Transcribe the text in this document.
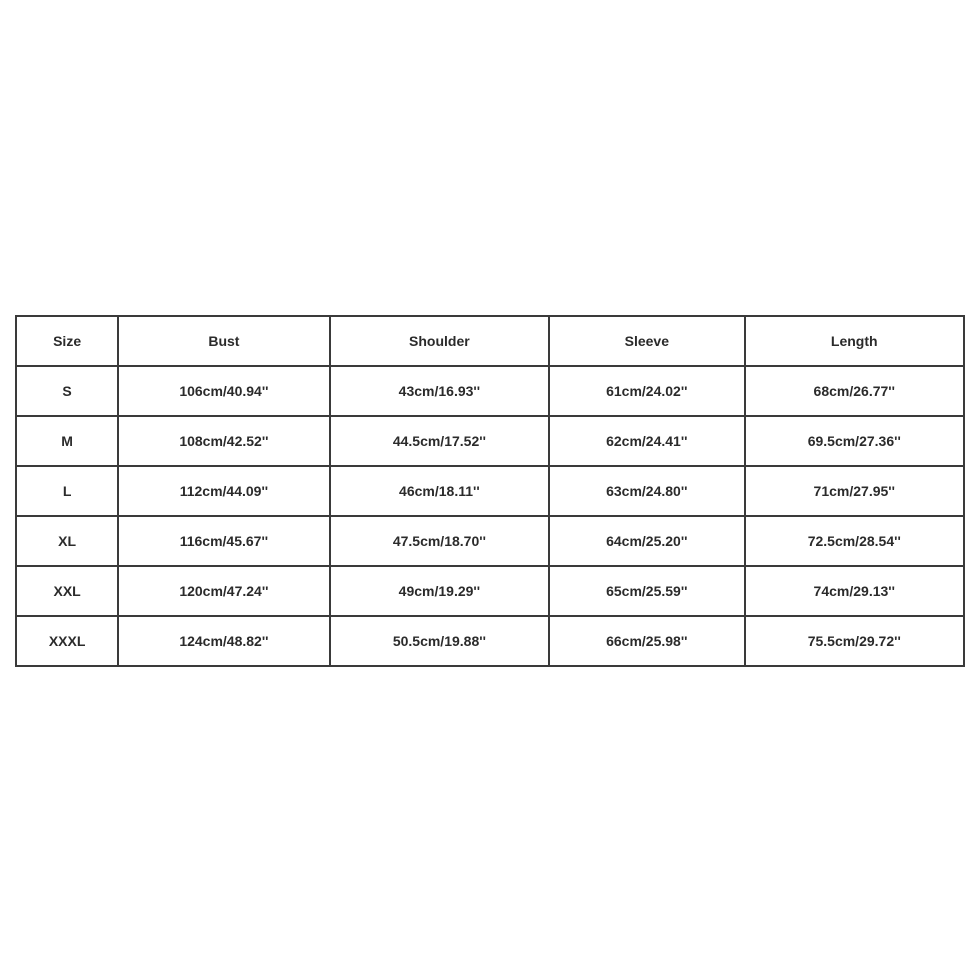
Size	Bust	Shoulder	Sleeve	Length
S	106cm/40.94''	43cm/16.93''	61cm/24.02''	68cm/26.77''
M	108cm/42.52''	44.5cm/17.52''	62cm/24.41''	69.5cm/27.36''
L	112cm/44.09''	46cm/18.11''	63cm/24.80''	71cm/27.95''
XL	116cm/45.67''	47.5cm/18.70''	64cm/25.20''	72.5cm/28.54''
XXL	120cm/47.24''	49cm/19.29''	65cm/25.59''	74cm/29.13''
XXXL	124cm/48.82''	50.5cm/19.88''	66cm/25.98''	75.5cm/29.72''
